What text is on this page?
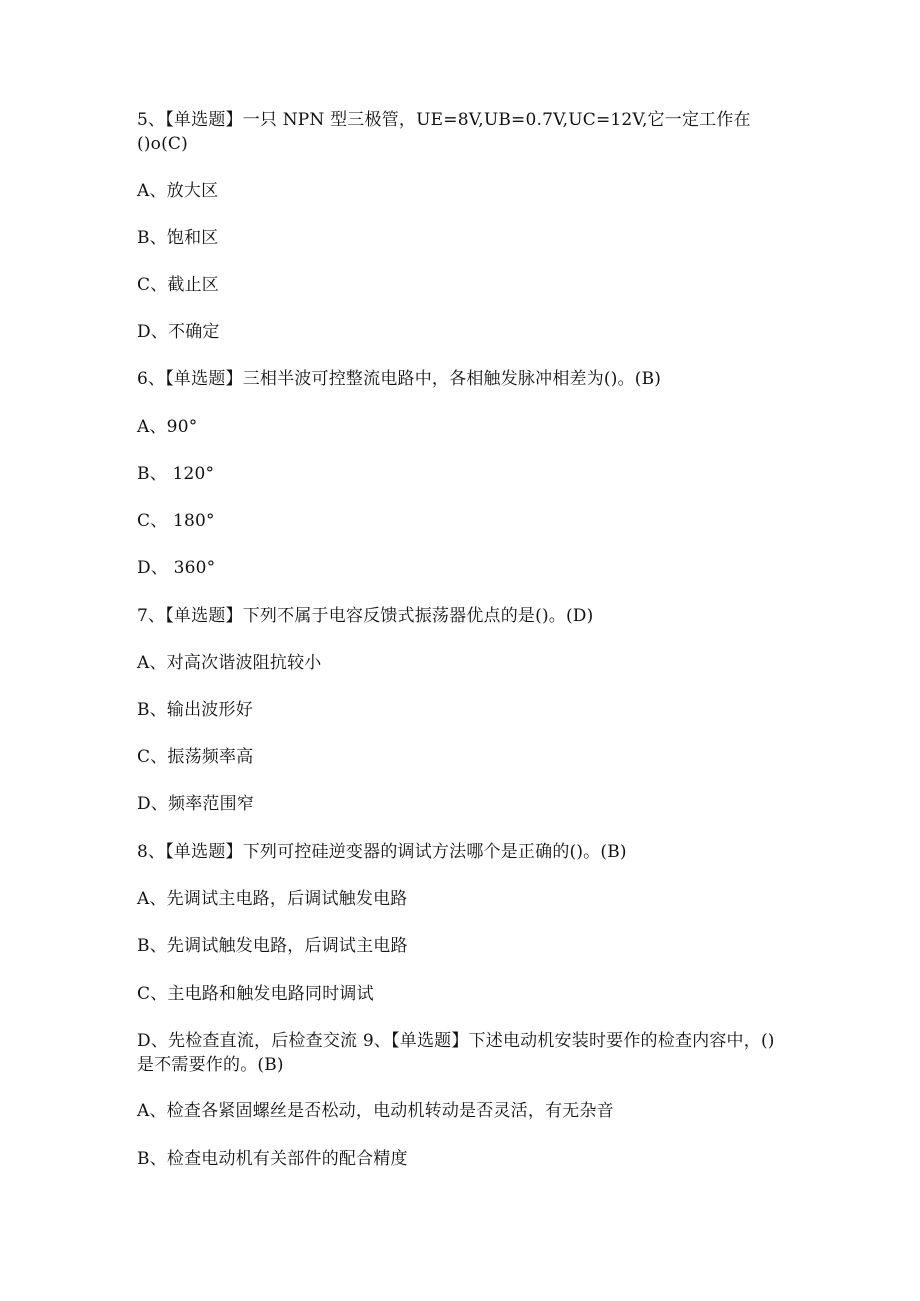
5、【单选题】一只 NPN 型三极管，UE=8V,UB=0.7V,UC=12V,它一定工作在()o(C)
A、放大区
B、饱和区
C、截止区
D、不确定
6、【单选题】三相半波可控整流电路中，各相触发脉冲相差为()。(B)
A、90°
B、 120°
C、 180°
D、 360°
7、【单选题】下列不属于电容反馈式振荡器优点的是()。(D)
A、对高次谐波阻抗较小
B、输出波形好
C、振荡频率高
D、频率范围窄
8、【单选题】下列可控硅逆变器的调试方法哪个是正确的()。(B)
A、先调试主电路，后调试触发电路
B、先调试触发电路，后调试主电路
C、主电路和触发电路同时调试
D、先检查直流，后检查交流 9、【单选题】下述电动机安装时要作的检查内容中，()是不需要作的。(B)
A、检查各紧固螺丝是否松动，电动机转动是否灵活，有无杂音
B、检查电动机有关部件的配合精度
